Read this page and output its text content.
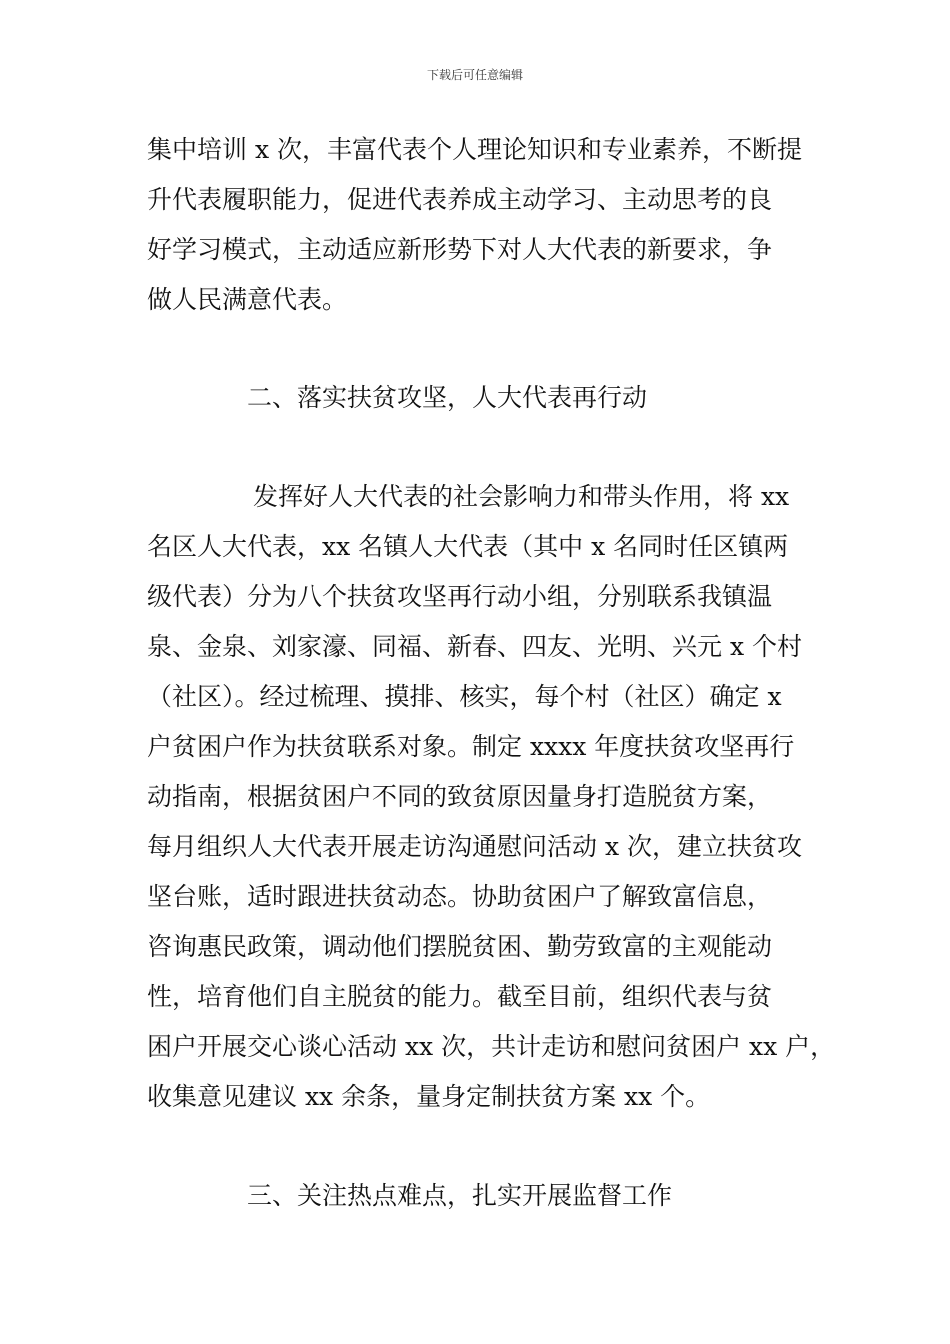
下载后可任意编辑
集中培训 x 次，丰富代表个人理论知识和专业素养，不断提
升代表履职能力，促进代表养成主动学习、主动思考的良
好学习模式，主动适应新形势下对人大代表的新要求，争
做人民满意代表。
二、落实扶贫攻坚，人大代表再行动
发挥好人大代表的社会影响力和带头作用，将 xx
名区人大代表，xx 名镇人大代表（其中 x 名同时任区镇两
级代表）分为八个扶贫攻坚再行动小组，分别联系我镇温
泉、金泉、刘家濠、同福、新春、四友、光明、兴元 x 个村
（社区）。经过梳理、摸排、核实，每个村（社区）确定 x
户贫困户作为扶贫联系对象。制定 xxxx 年度扶贫攻坚再行
动指南，根据贫困户不同的致贫原因量身打造脱贫方案，
每月组织人大代表开展走访沟通慰问活动 x 次，建立扶贫攻
坚台账，适时跟进扶贫动态。协助贫困户了解致富信息，
咨询惠民政策，调动他们摆脱贫困、勤劳致富的主观能动
性，培育他们自主脱贫的能力。截至目前，组织代表与贫
困户开展交心谈心活动 xx 次，共计走访和慰问贫困户 xx 户，
收集意见建议 xx 余条，量身定制扶贫方案 xx 个。
三、关注热点难点，扎实开展监督工作
